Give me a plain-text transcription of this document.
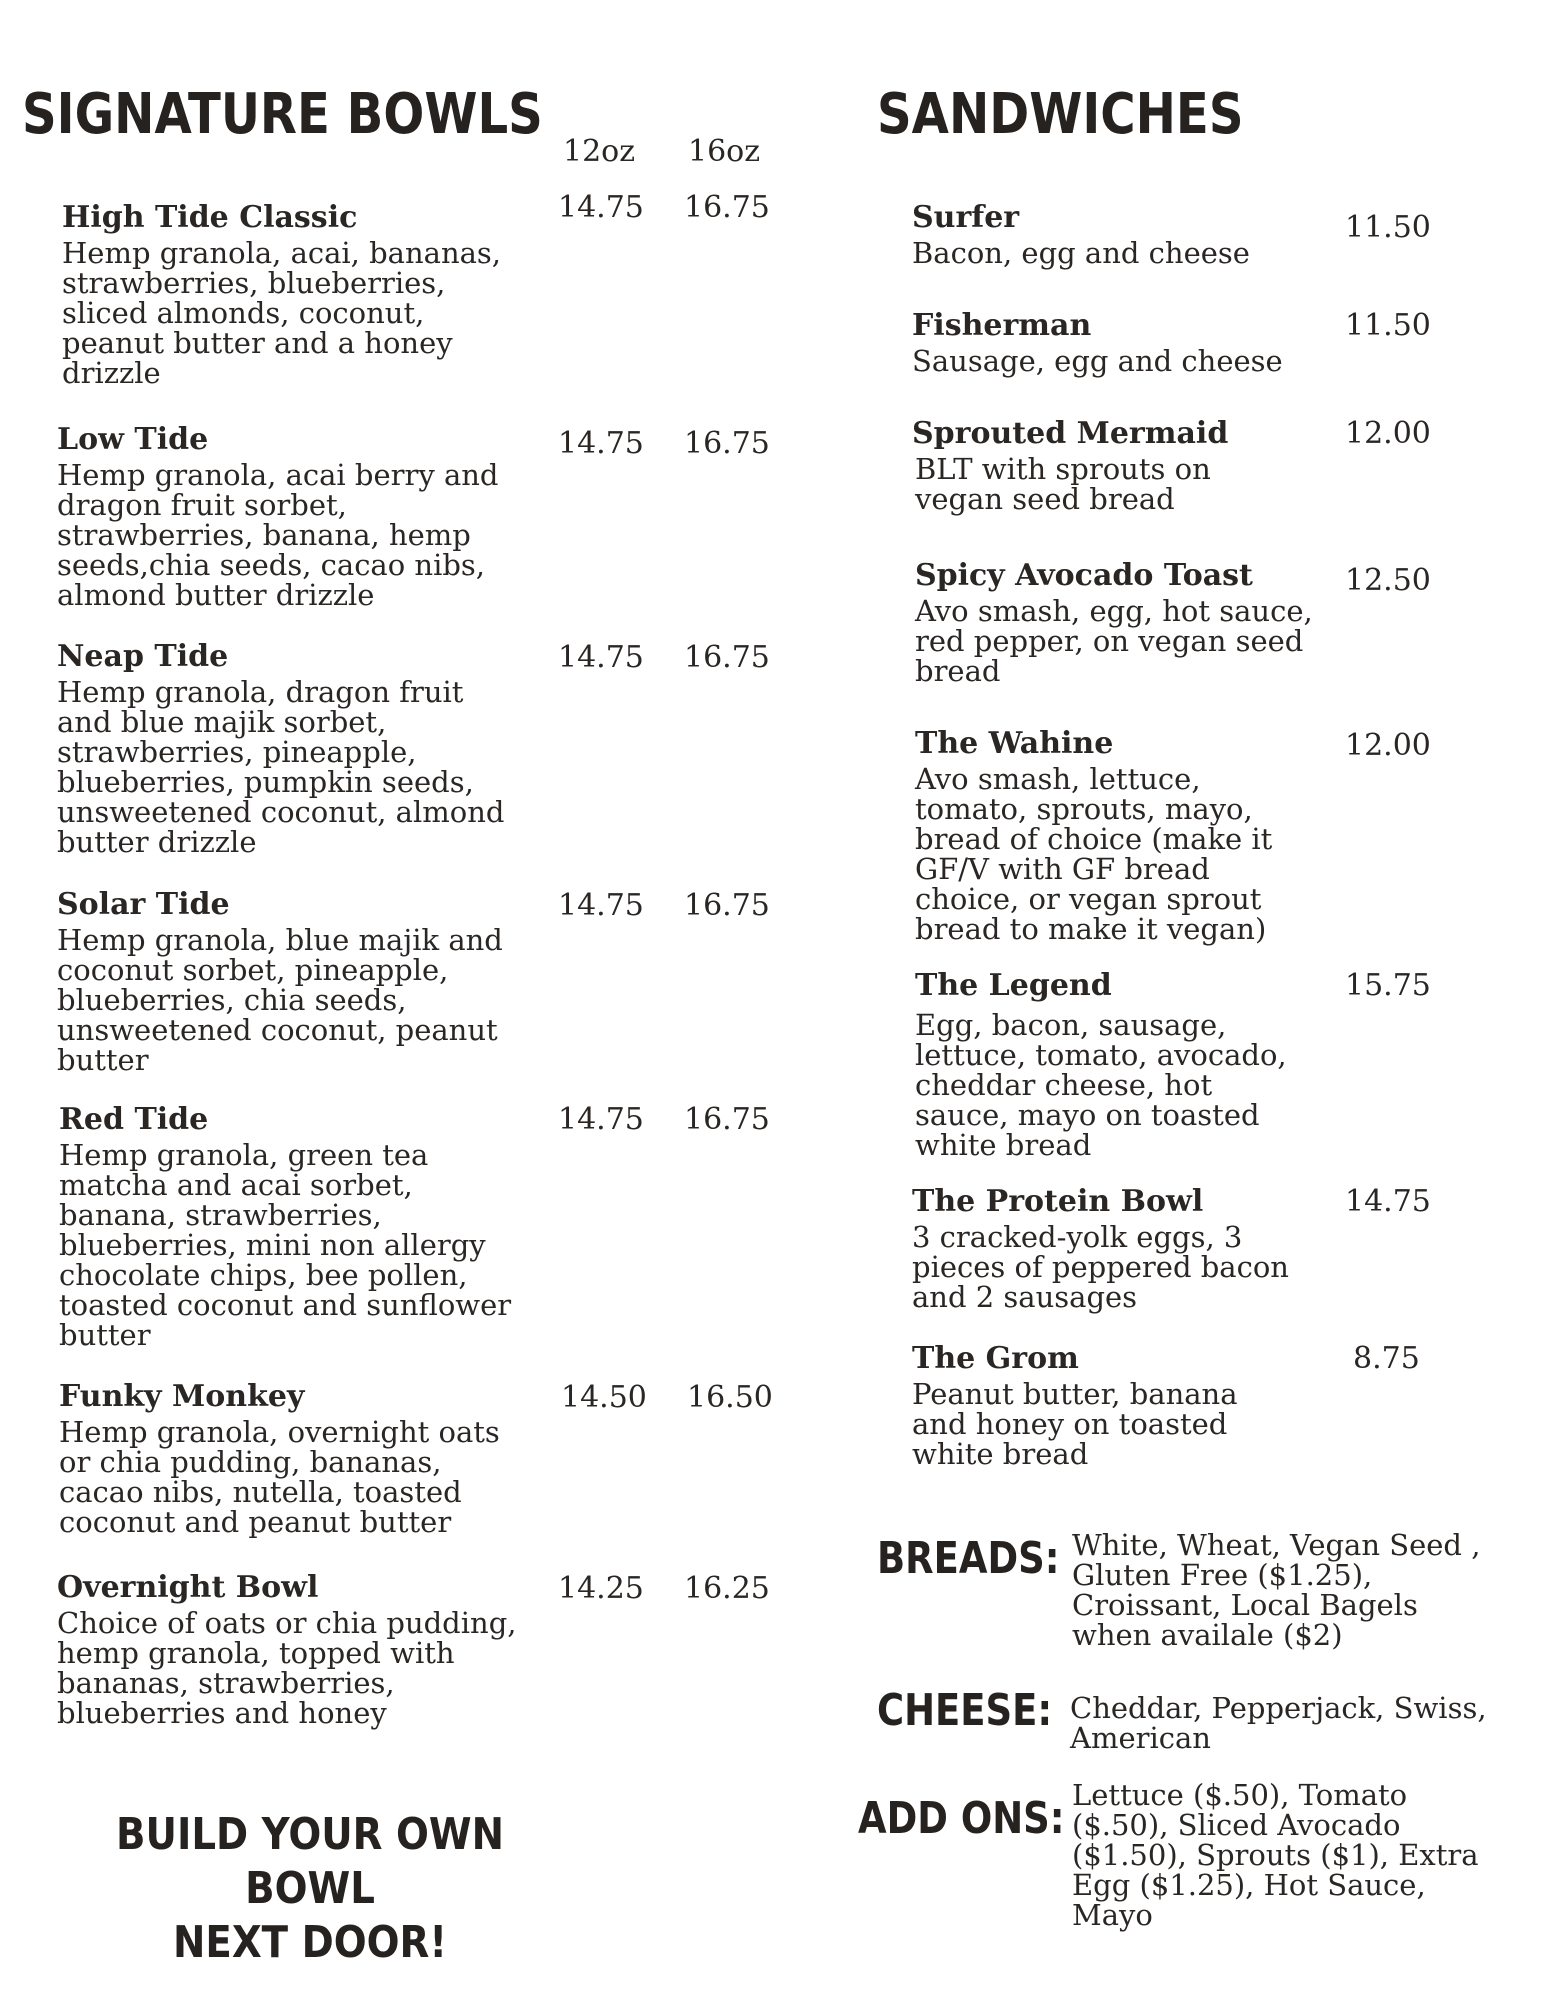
SIGNATURE BOWLS
12oz 16oz
High Tide Classic
Hemp granola, acai, bananas, strawberries, blueberries, sliced almonds, coconut, peanut butter and a honey drizzle
14.75 16.75
Low Tide
Hemp granola, acai berry and dragon fruit sorbet, strawberries, banana, hemp seeds,chia seeds, cacao nibs, almond butter drizzle
14.75 16.75
Neap Tide
Hemp granola, dragon fruit and blue majik sorbet, strawberries, pineapple, blueberries, pumpkin seeds, unsweetened coconut, almond butter drizzle
14.75 16.75
Solar Tide
Hemp granola, blue majik and coconut sorbet, pineapple, blueberries, chia seeds, unsweetened coconut, peanut butter
14.75 16.75
Red Tide
Hemp granola, green tea matcha and acai sorbet, banana, strawberries, blueberries, mini non allergy chocolate chips, bee pollen, toasted coconut and sunflower butter
14.75 16.75
Funky Monkey
Hemp granola, overnight oats or chia pudding, bananas, cacao nibs, nutella, toasted coconut and peanut butter
14.50 16.50
Overnight Bowl
Choice of oats or chia pudding, hemp granola, topped with bananas, strawberries, blueberries and honey
14.25 16.25
BUILD YOUR OWN BOWL
NEXT DOOR!
SANDWICHES
Surfer
Bacon, egg and cheese
11.50
Fisherman
Sausage, egg and cheese
11.50
Sprouted Mermaid
BLT with sprouts on vegan seed bread
12.00
Spicy Avocado Toast
Avo smash, egg, hot sauce, red pepper, on vegan seed bread
12.50
The Wahine
Avo smash, lettuce, tomato, sprouts, mayo, bread of choice (make it GF/V with GF bread choice, or vegan sprout bread to make it vegan)
12.00
The Legend
Egg, bacon, sausage, lettuce, tomato, avocado, cheddar cheese, hot sauce, mayo on toasted white bread
15.75
The Protein Bowl
3 cracked-yolk eggs, 3 pieces of peppered bacon and 2 sausages
14.75
The Grom
Peanut butter, banana and honey on toasted white bread
8.75
BREADS: White, Wheat, Vegan Seed , Gluten Free ($1.25), Croissant, Local Bagels when availale ($2)
CHEESE: Cheddar, Pepperjack, Swiss, American
ADD ONS: Lettuce ($.50), Tomato ($.50), Sliced Avocado ($1.50), Sprouts ($1), Extra Egg ($1.25), Hot Sauce, Mayo
